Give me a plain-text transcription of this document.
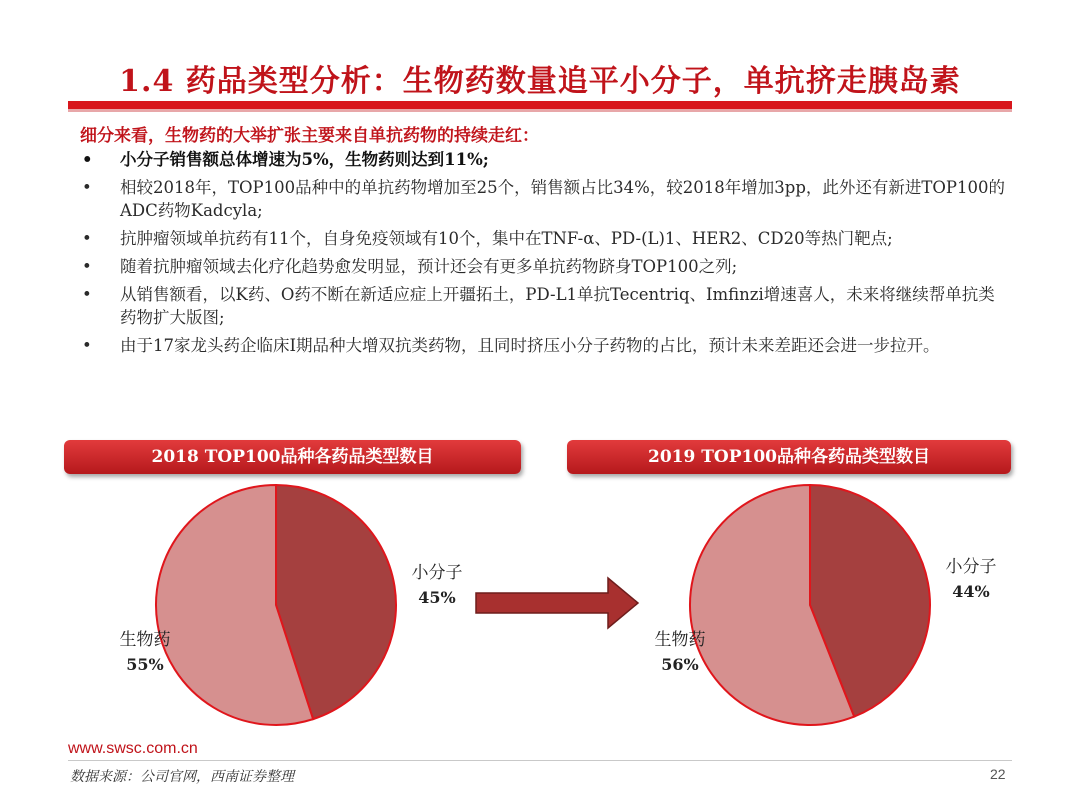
1.4 药品类型分析：生物药数量追平小分子，单抗挤走胰岛素
细分来看，生物药的大举扩张主要来自单抗药物的持续走红：
• 小分子销售额总体增速为5%，生物药则达到11%;
• 相较2018年，TOP100品种中的单抗药物增加至25个，销售额占比34%，较2018年增加3pp，此外还有新进TOP100的ADC药物Kadcyla;
• 抗肿瘤领域单抗药有11个，自身免疫领域有10个，集中在TNF-α、PD-(L)1、HER2、CD20等热门靶点;
• 随着抗肿瘤领域去化疗化趋势愈发明显，预计还会有更多单抗药物跻身TOP100之列;
• 从销售额看，以K药、O药不断在新适应症上开疆拓土，PD-L1单抗Tecentriq、Imfinzi增速喜人，未来将继续帮单抗类药物扩大版图;
• 由于17家龙头药企临床I期品种大增双抗类药物，且同时挤压小分子药物的占比，预计未来差距还会进一步拉开。
2018 TOP100品种各药品类型数目	2019 TOP100品种各药品类型数目
小分子
45%
生物药
55%
小分子
44%
生物药
56%
www.swsc.com.cn
数据来源：公司官网，西南证券整理	22
